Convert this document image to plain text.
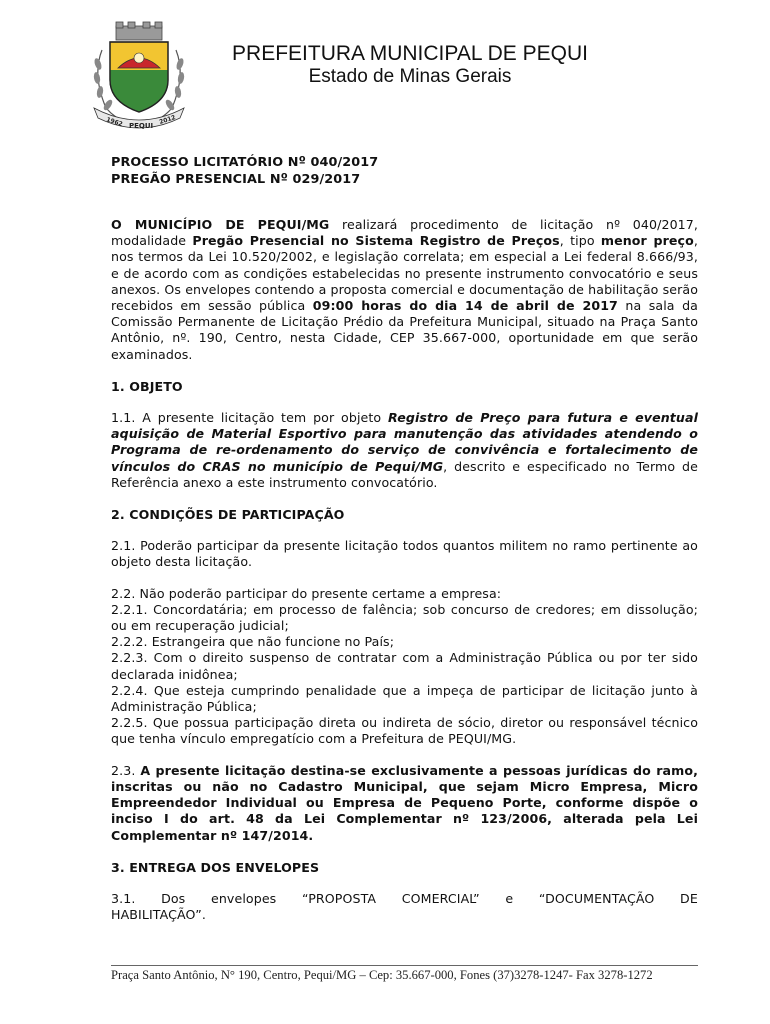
1962 PEQUI
2012
PREFEITURA MUNICIPAL DE PEQUI
Estado de Minas Gerais
PROCESSO LICITATÓRIO Nº 040/2017
PREGÃO PRESENCIAL Nº 029/2017

O MUNICÍPIO DE PEQUI/MG realizará procedimento de licitação nº 040/2017, modalidade Pregão Presencial no Sistema Registro de Preços, tipo menor preço, nos termos da Lei 10.520/2002, e legislação correlata; em especial a Lei federal 8.666/93, e de acordo com as condições estabelecidas no presente instrumento convocatório e seus anexos. Os envelopes contendo a proposta comercial e documentação de habilitação serão recebidos em sessão pública 09:00 horas do dia 14 de abril de 2017 na sala da Comissão Permanente de Licitação Prédio da Prefeitura Municipal, situado na Praça Santo Antônio, nº. 190, Centro, nesta Cidade, CEP 35.667-000, oportunidade em que serão examinados.

1. OBJETO

1.1. A presente licitação tem por objeto Registro de Preço para futura e eventual aquisição de Material Esportivo para manutenção das atividades atendendo o Programa de re-ordenamento do serviço de convivência e fortalecimento de vínculos do CRAS no município de Pequi/MG, descrito e especificado no Termo de Referência anexo a este instrumento convocatório.

2. CONDIÇÕES DE PARTICIPAÇÃO

2.1. Poderão participar da presente licitação todos quantos militem no ramo pertinente ao objeto desta licitação.

2.2. Não poderão participar do presente certame a empresa:

2.2.1. Concordatária; em processo de falência; sob concurso de credores; em dissolução; ou em recuperação judicial;

2.2.2. Estrangeira que não funcione no País;

2.2.3. Com o direito suspenso de contratar com a Administração Pública ou por ter sido declarada inidônea;

2.2.4. Que esteja cumprindo penalidade que a impeça de participar de licitação junto à Administração Pública;

2.2.5. Que possua participação direta ou indireta de sócio, diretor ou responsável técnico que tenha vínculo empregatício com a Prefeitura de PEQUI/MG.

2.3. A presente licitação destina-se exclusivamente a pessoas jurídicas do ramo, inscritas ou não no Cadastro Municipal, que sejam Micro Empresa, Micro Empreendedor Individual ou Empresa de Pequeno Porte, conforme dispõe o inciso I do art. 48 da Lei Complementar nº 123/2006, alterada pela Lei Complementar nº 147/2014.

3. ENTREGA DOS ENVELOPES

3.1. Dos envelopes “PROPOSTA COMERCIAL” e “DOCUMENTAÇÃO DE

HABILITAÇÃO”.

Praça Santo Antônio, N° 190, Centro, Pequi/MG – Cep: 35.667-000, Fones (37)3278-1247- Fax 3278-1272
